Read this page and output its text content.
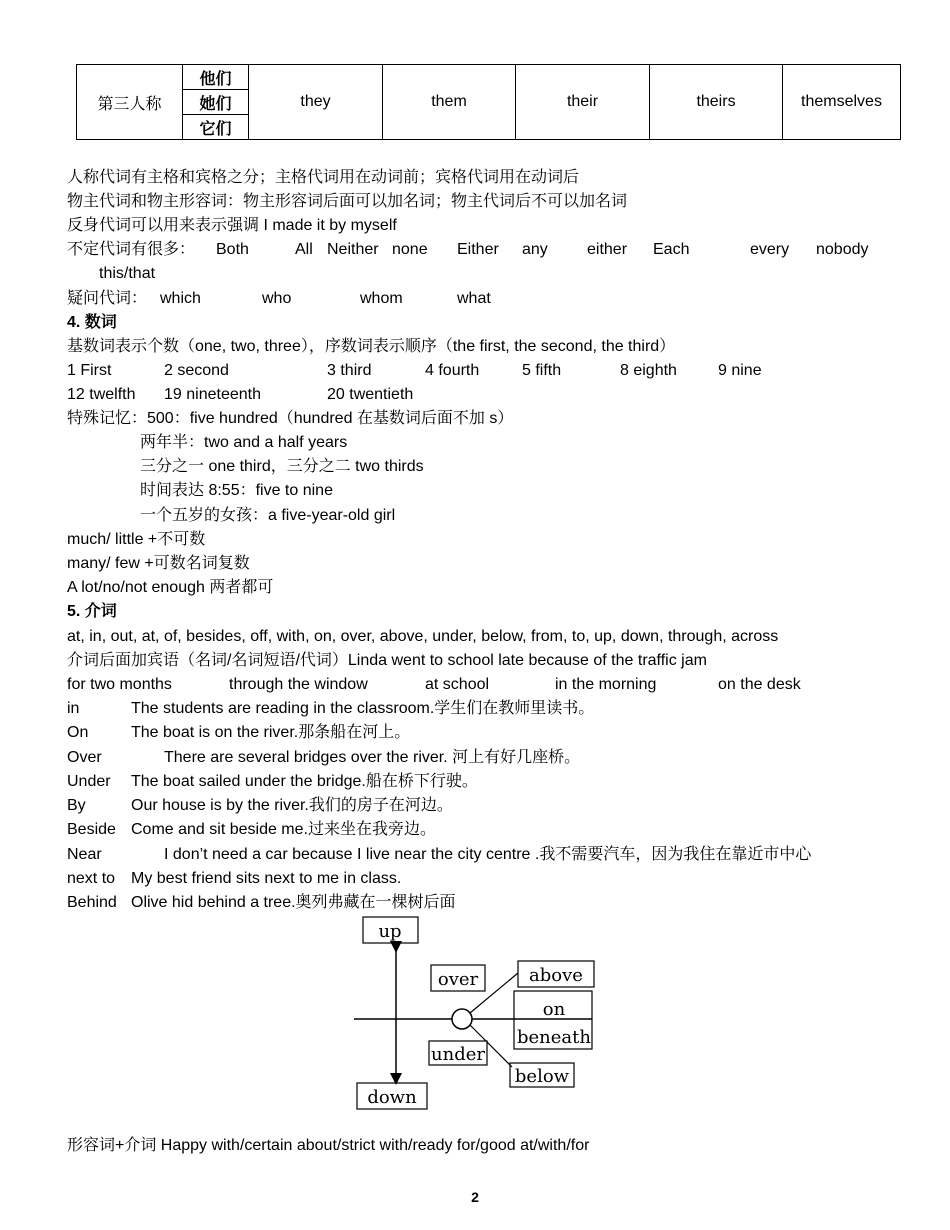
第三人称	他们	they	them	their	theirs	themselves
她们
它们
人称代词有主格和宾格之分；主格代词用在动词前；宾格代词用在动词后
物主代词和物主形容词：物主形容词后面可以加名词；物主代词后不可以加名词
反身代词可以用来表示强调 I made it by myself
不定代词有很多： Both	All Neither none Either any either Each	every nobody
this/that
疑问代词： which	who	whom	what
4. 数词
基数词表示个数（one, two, three），序数词表示顺序（the first, the second, the third）
1 First	2 second	3 third	4 fourth	5 fifth	8 eighth	9 nine
12 twelfth 19 nineteenth	20 twentieth
特殊记忆：500：five hundred（hundred 在基数词后面不加 s）
两年半：two and a half years
三分之一 one third，三分之二 two thirds
时间表达 8:55：five to nine
一个五岁的女孩：a five-year-old girl
much/ little +不可数
many/ few +可数名词复数
A lot/no/not enough 两者都可
5. 介词
at, in, out, at, of, besides, off, with, on, over, above, under, below, from, to, up, down, through, across
介词后面加宾语（名词/名词短语/代词）Linda went to school late because of the traffic jam
for two months	through the window	at school	in the morning	on the desk
in	The students are reading in the classroom.学生们在教师里读书。
On	The boat is on the river.那条船在河上。
Over	There are several bridges over the river. 河上有好几座桥。
Under The boat sailed under the bridge.船在桥下行驶。
By	Our house is by the river.我们的房子在河边。
Beside Come and sit beside me.过来坐在我旁边。
Near	I don’t need a car because I live near the city centre .我不需要汽车，因为我住在靠近市中心
next to My best friend sits next to me in class.
Behind Olive hid behind a tree.奥列弗藏在一棵树后面
up
over	above
on
beneath
under
below
down
形容词+介词 Happy with/certain about/strict with/ready for/good at/with/for
2
